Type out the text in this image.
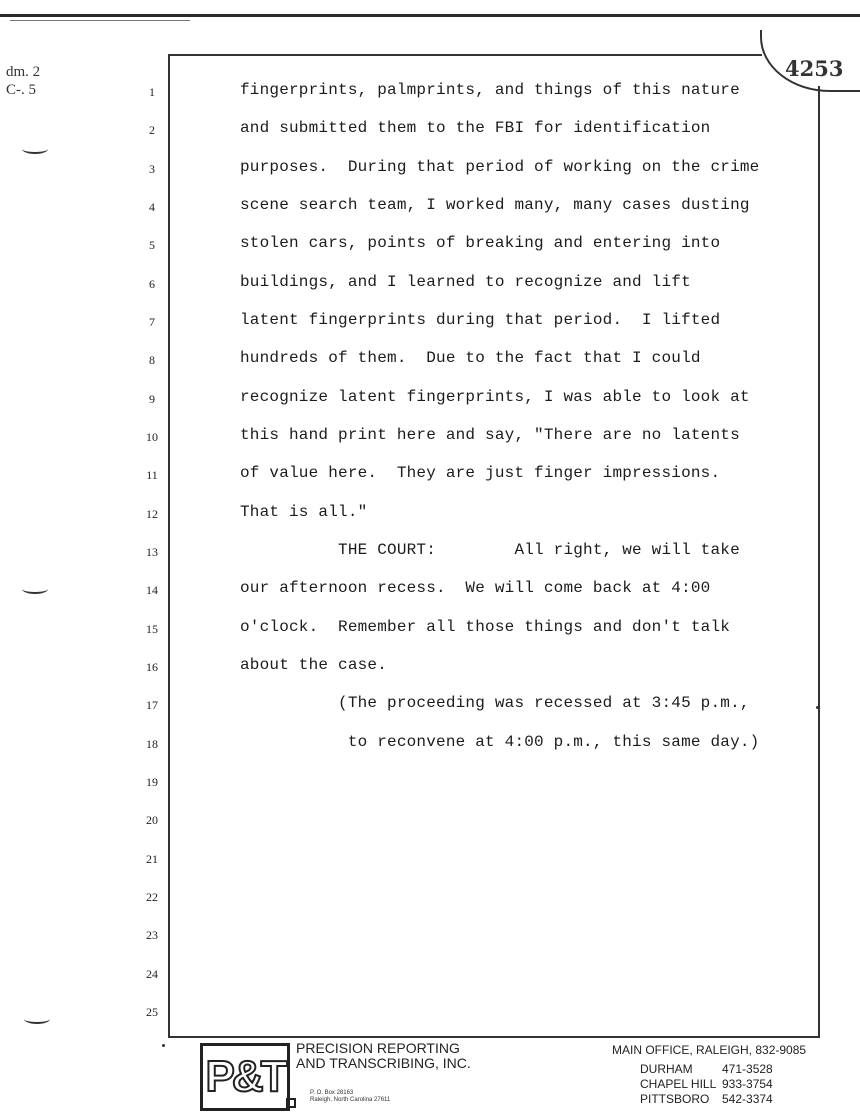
dm. 2
C-. 5
4253
1	fingerprints, palmprints, and things of this nature
2	and submitted them to the FBI for identification
3	purposes.  During that period of working on the crime
4	scene search team, I worked many, many cases dusting
5	stolen cars, points of breaking and entering into
6	buildings, and I learned to recognize and lift
7	latent fingerprints during that period.  I lifted
8	hundreds of them.  Due to the fact that I could
9	recognize latent fingerprints, I was able to look at
10	this hand print here and say, "There are no latents
11	of value here.  They are just finger impressions.
12	That is all."
13	THE COURT:        All right, we will take
14	our afternoon recess.  We will come back at 4:00
15	o'clock.  Remember all those things and don't talk
16	about the case.
17	(The proceeding was recessed at 3:45 p.m.,
18	to reconvene at 4:00 p.m., this same day.)
19
20
21
22
23
24
25
P&T
PRECISION REPORTING
AND TRANSCRIBING, INC.
P. O. Box 28163
Raleigh, North Carolina 27611
MAIN OFFICE, RALEIGH, 832-9085
DURHAM 471-3528
CHAPEL HILL 933-3754
PITTSBORO 542-3374
